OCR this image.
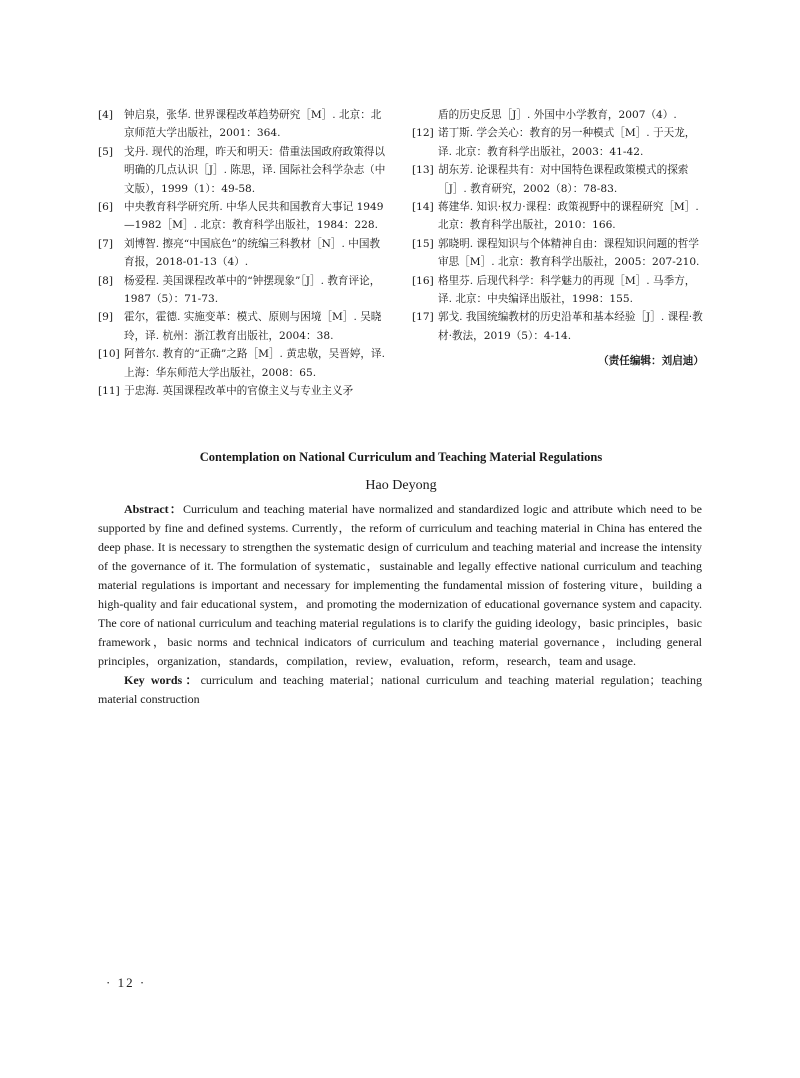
[4]	钟启泉，张华. 世界课程改革趋势研究［M］. 北京：北京师范大学出版社，2001：364.
[5]	戈丹. 现代的治理，昨天和明天：借重法国政府政策得以明确的几点认识［J］. 陈思，译. 国际社会科学杂志（中文版），1999（1）：49-58.
[6]	中央教育科学研究所. 中华人民共和国教育大事记 1949—1982［M］. 北京：教育科学出版社，1984：228.
[7]	刘博智. 擦亮“中国底色”的统编三科教材［N］. 中国教育报，2018-01-13（4）.
[8]	杨爱程. 美国课程改革中的“钟摆现象”［J］. 教育评论，1987（5）：71-73.
[9]	霍尔，霍德. 实施变革：模式、原则与困境［M］. 吴晓玲，译. 杭州：浙江教育出版社，2004：38.
[10] 阿普尔. 教育的“正确”之路［M］. 黄忠敬，吴晋婷，译. 上海：华东师范大学出版社，2008：65.
[11] 于忠海. 英国课程改革中的官僚主义与专业主义矛
盾的历史反思［J］. 外国中小学教育，2007（4）.
[12] 诺丁斯. 学会关心：教育的另一种模式［M］. 于天龙，译. 北京：教育科学出版社，2003：41-42.
[13] 胡东芳. 论课程共有：对中国特色课程政策模式的探索［J］. 教育研究，2002（8）：78-83.
[14] 蒋建华. 知识·权力·课程：政策视野中的课程研究［M］. 北京：教育科学出版社，2010：166.
[15] 郭晓明. 课程知识与个体精神自由：课程知识问题的哲学审思［M］. 北京：教育科学出版社，2005：207-210.
[16] 格里芬. 后现代科学：科学魅力的再现［M］. 马季方，译. 北京：中央编译出版社，1998：155.
[17] 郭戈. 我国统编教材的历史沿革和基本经验［J］. 课程·教材·教法，2019（5）：4-14.
（责任编辑：刘启迪）
Contemplation on National Curriculum and Teaching Material Regulations
Hao Deyong

Abstract：Curriculum and teaching material have normalized and standardized logic and attribute which need to be supported by fine and defined systems. Currently，the reform of curriculum and teaching material in China has entered the deep phase. It is necessary to strengthen the systematic design of curriculum and teaching material and increase the intensity of the governance of it. The formulation of systematic，sustainable and legally effective national curriculum and teaching material regulations is important and necessary for implementing the fundamental mission of fostering viture，building a high-quality and fair educational system，and promoting the modernization of educational governance system and capacity. The core of national curriculum and teaching material regulations is to clarify the guiding ideology，basic principles，basic framework，basic norms and technical indicators of curriculum and teaching material governance，including general principles，organization，standards，compilation，review，evaluation，reform，research，team and usage.

Key words：curriculum and teaching material；national curriculum and teaching material regulation；teaching material construction

· 12 ·
